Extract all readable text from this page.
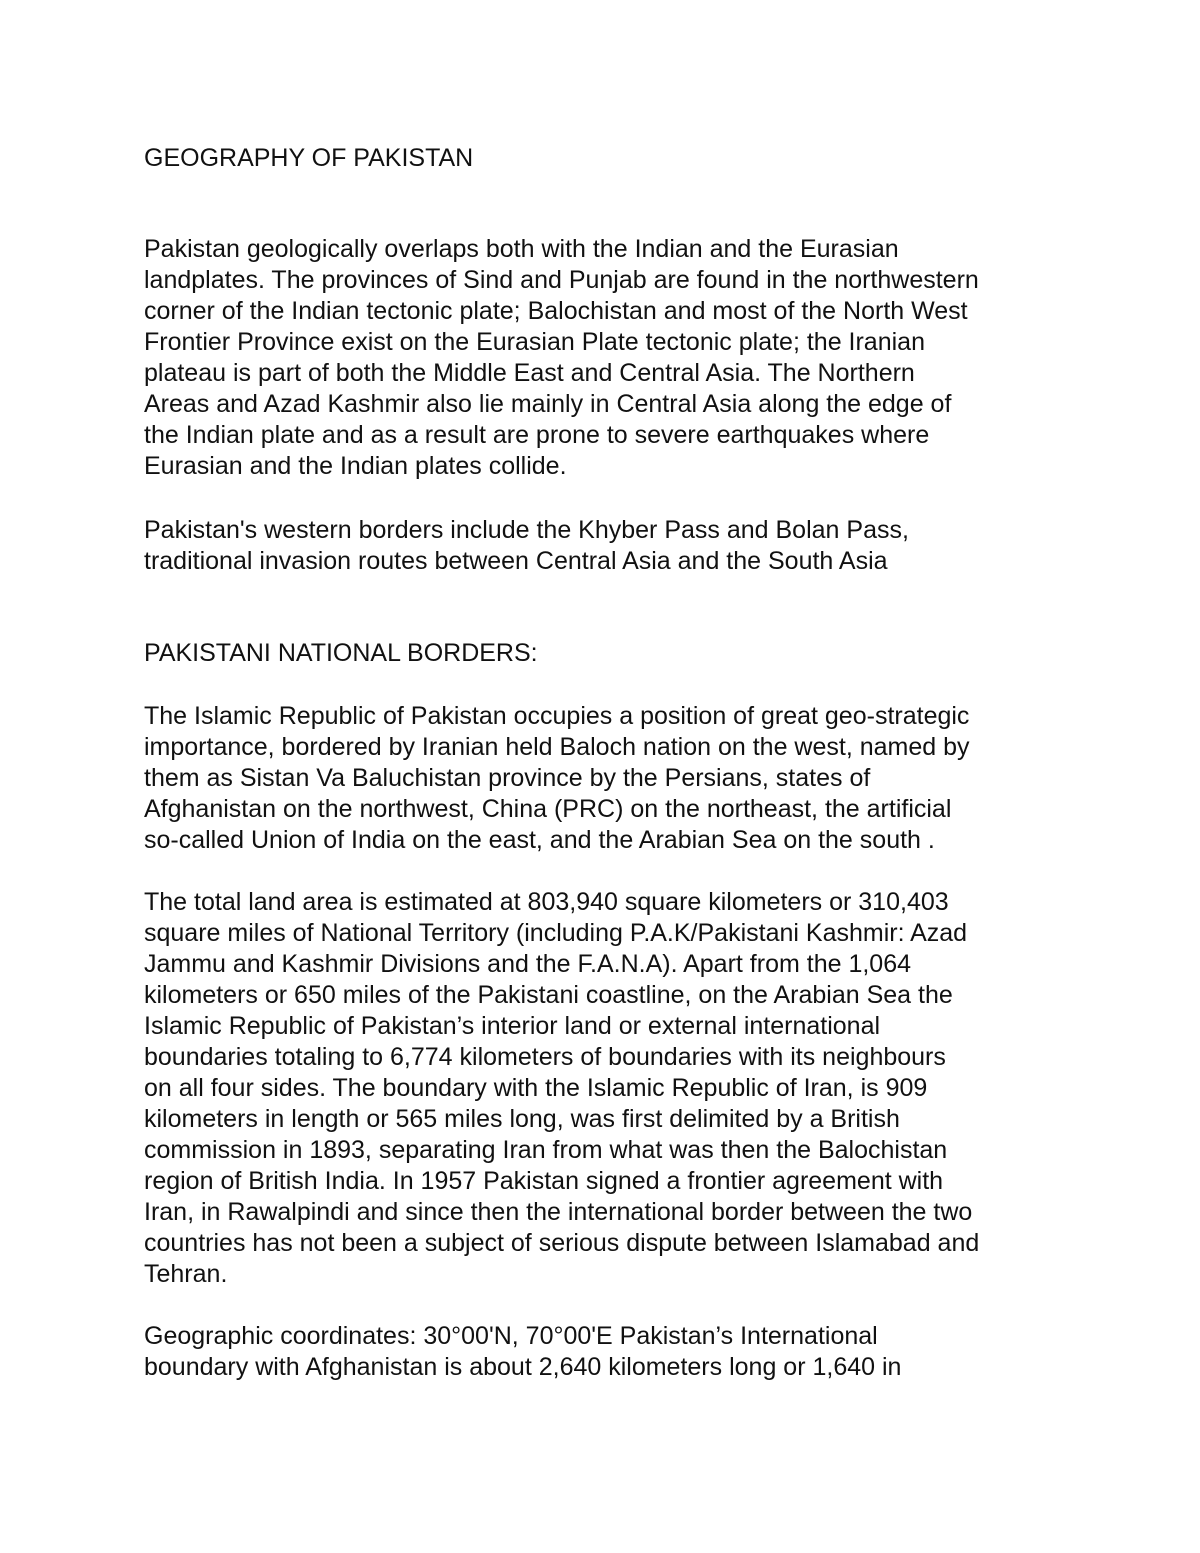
GEOGRAPHY OF PAKISTAN
Pakistan geologically overlaps both with the Indian and the Eurasian
landplates. The provinces of Sind and Punjab are found in the northwestern
corner of the Indian tectonic plate; Balochistan and most of the North West
Frontier Province exist on the Eurasian Plate tectonic plate; the Iranian
plateau is part of both the Middle East and Central Asia. The Northern
Areas and Azad Kashmir also lie mainly in Central Asia along the edge of
the Indian plate and as a result are prone to severe earthquakes where
Eurasian and the Indian plates collide.
Pakistan's western borders include the Khyber Pass and Bolan Pass,
traditional invasion routes between Central Asia and the South Asia
PAKISTANI NATIONAL BORDERS:
The Islamic Republic of Pakistan occupies a position of great geo-strategic
importance, bordered by Iranian held Baloch nation on the west, named by
them as Sistan Va Baluchistan province by the Persians, states of
Afghanistan on the northwest, China (PRC) on the northeast, the artificial
so-called Union of India on the east, and the Arabian Sea on the south .
The total land area is estimated at 803,940 square kilometers or 310,403
square miles of National Territory (including P.A.K/Pakistani Kashmir: Azad
Jammu and Kashmir Divisions and the F.A.N.A). Apart from the 1,064
kilometers or 650 miles of the Pakistani coastline, on the Arabian Sea the
Islamic Republic of Pakistan’s interior land or external international
boundaries totaling to 6,774 kilometers of boundaries with its neighbours
on all four sides. The boundary with the Islamic Republic of Iran, is 909
kilometers in length or 565 miles long, was first delimited by a British
commission in 1893, separating Iran from what was then the Balochistan
region of British India. In 1957 Pakistan signed a frontier agreement with
Iran, in Rawalpindi and since then the international border between the two
countries has not been a subject of serious dispute between Islamabad and
Tehran.
Geographic coordinates: 30°00'N, 70°00'E Pakistan’s International
boundary with Afghanistan is about 2,640 kilometers long or 1,640 in
